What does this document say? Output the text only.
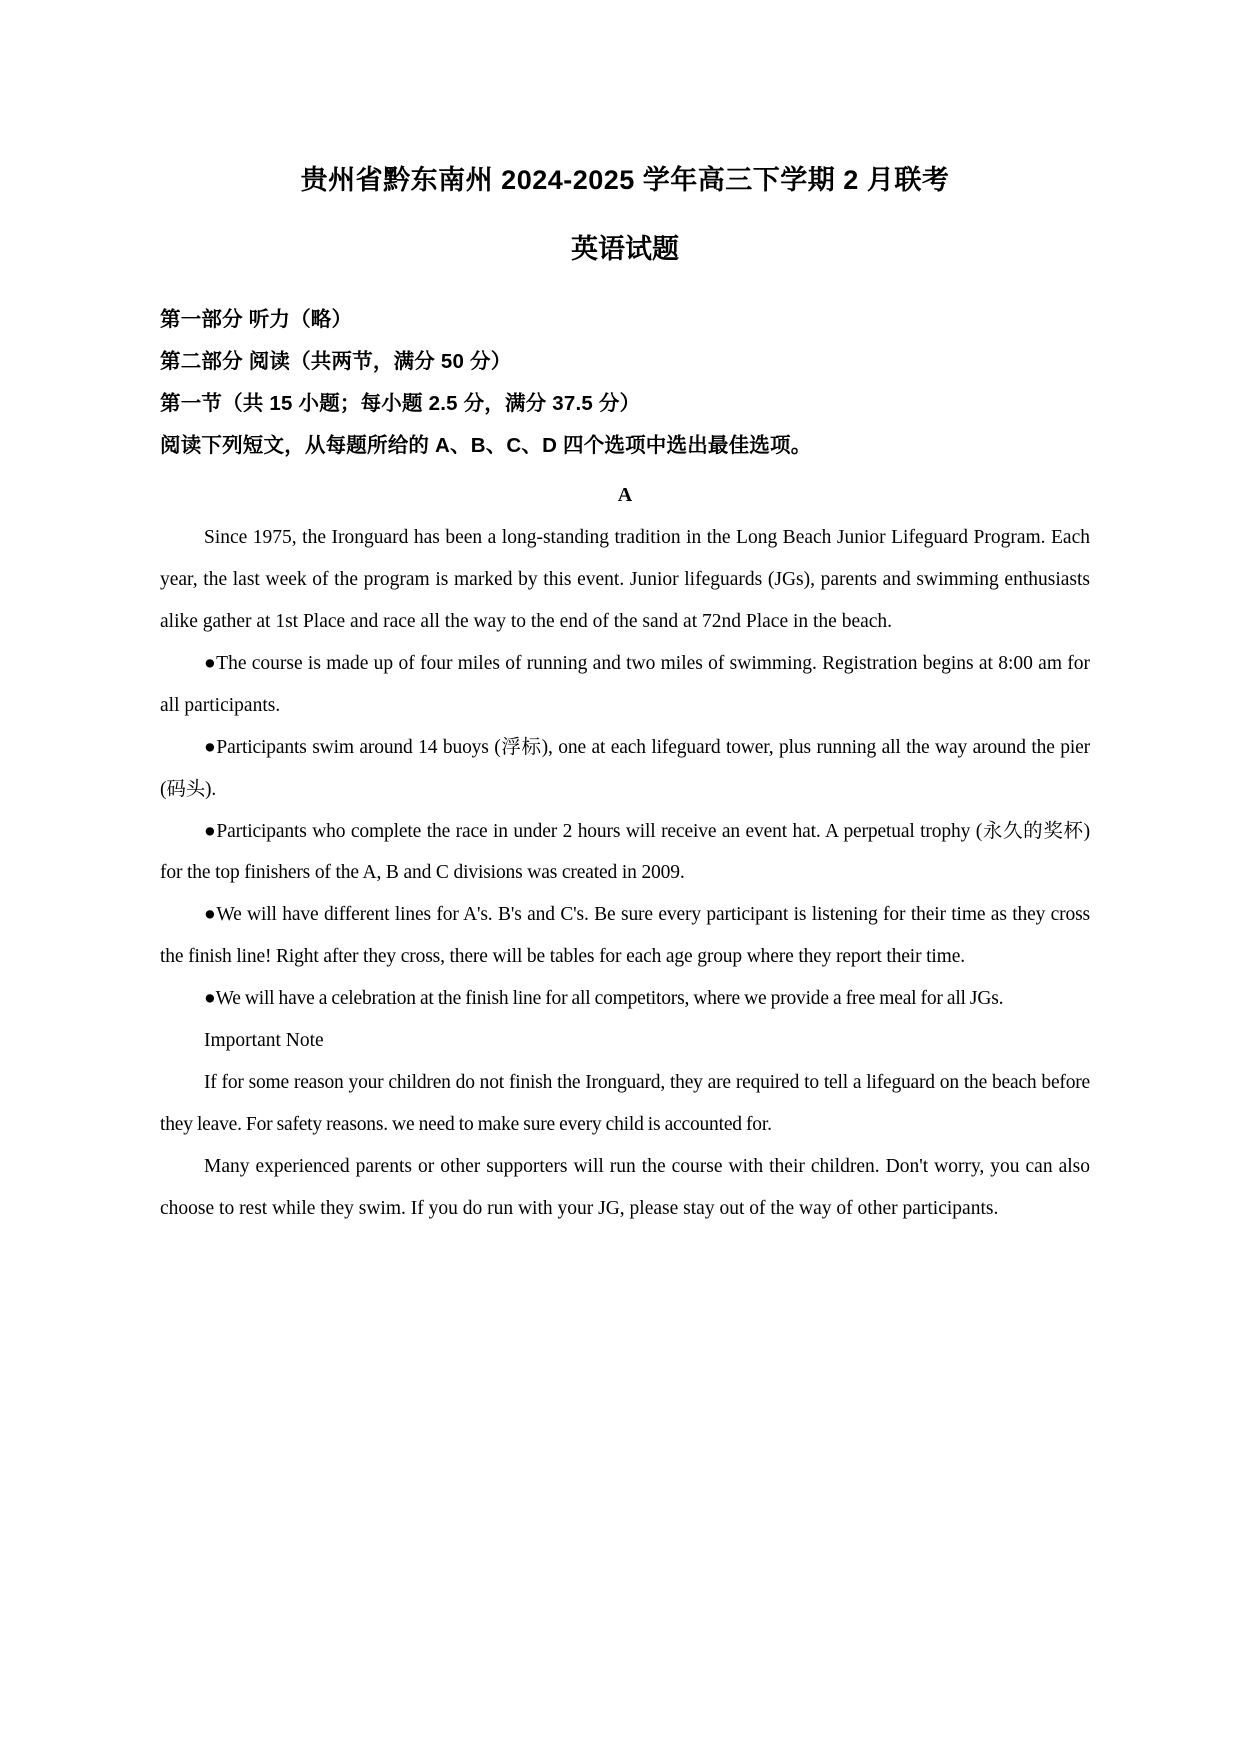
贵州省黔东南州 2024-2025 学年高三下学期 2 月联考
英语试题
第一部分 听力（略）
第二部分 阅读（共两节，满分 50 分）
第一节（共 15 小题；每小题 2.5 分，满分 37.5 分）
阅读下列短文，从每题所给的 A、B、C、D 四个选项中选出最佳选项。
A

Since 1975, the Ironguard has been a long-standing tradition in the Long Beach Junior Lifeguard Program. Each year, the last week of the program is marked by this event. Junior lifeguards (JGs), parents and swimming enthusiasts alike gather at 1st Place and race all the way to the end of the sand at 72nd Place in the beach.

●The course is made up of four miles of running and two miles of swimming. Registration begins at 8:00 am for all participants.

●Participants swim around 14 buoys (浮标), one at each lifeguard tower, plus running all the way around the pier (码头).

●Participants who complete the race in under 2 hours will receive an event hat. A perpetual trophy (永久的奖杯) for the top finishers of the A, B and C divisions was created in 2009.

●We will have different lines for A's. B's and C's. Be sure every participant is listening for their time as they cross the finish line! Right after they cross, there will be tables for each age group where they report their time.

●We will have a celebration at the finish line for all competitors, where we provide a free meal for all JGs.

Important Note

If for some reason your children do not finish the Ironguard, they are required to tell a lifeguard on the beach before they leave. For safety reasons. we need to make sure every child is accounted for.

Many experienced parents or other supporters will run the course with their children. Don't worry, you can also choose to rest while they swim. If you do run with your JG, please stay out of the way of other participants.
